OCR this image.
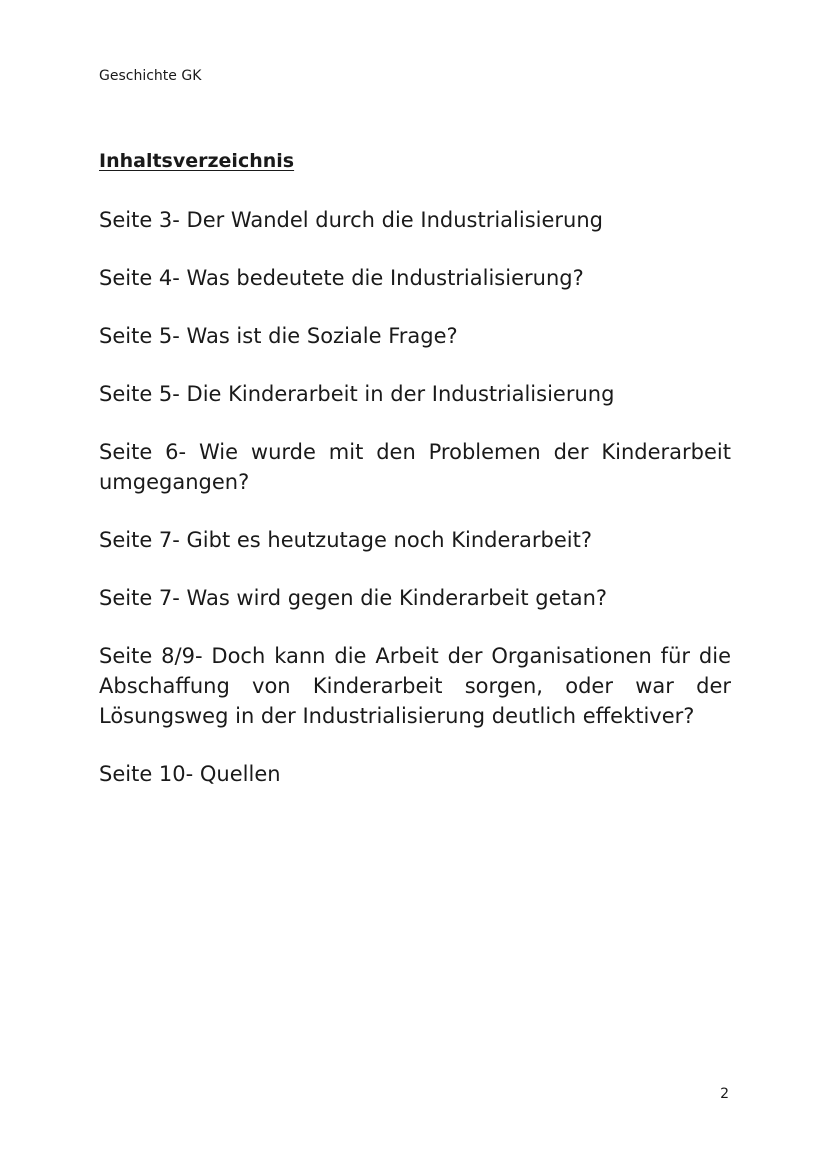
Geschichte GK
Inhaltsverzeichnis
Seite 3- Der Wandel durch die Industrialisierung
Seite 4- Was bedeutete die Industrialisierung?
Seite 5- Was ist die Soziale Frage?
Seite 5- Die Kinderarbeit in der Industrialisierung
Seite 6- Wie wurde mit den Problemen der Kinderarbeit umgegangen?
Seite 7- Gibt es heutzutage noch Kinderarbeit?
Seite 7- Was wird gegen die Kinderarbeit getan?
Seite 8/9- Doch kann die Arbeit der Organisationen für die Abschaffung von Kinderarbeit sorgen, oder war der Lösungsweg in der Industrialisierung deutlich effektiver?
Seite 10- Quellen
2
